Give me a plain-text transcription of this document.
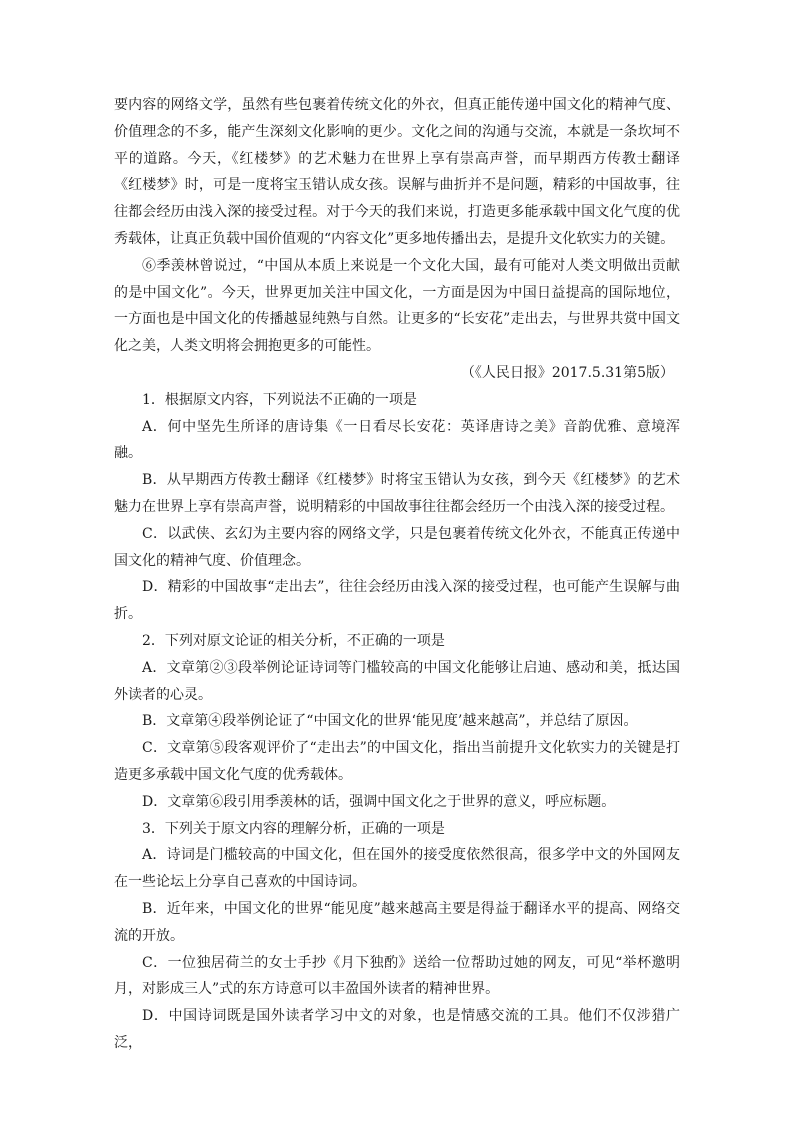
要内容的网络文学，虽然有些包裹着传统文化的外衣，但真正能传递中国文化的精神气度、价值理念的不多，能产生深刻文化影响的更少。文化之间的沟通与交流，本就是一条坎坷不平的道路。今天，《红楼梦》的艺术魅力在世界上享有崇高声誉，而早期西方传教士翻译《红楼梦》时，可是一度将宝玉错认成女孩。误解与曲折并不是问题，精彩的中国故事，往往都会经历由浅入深的接受过程。对于今天的我们来说，打造更多能承载中国文化气度的优秀载体，让真正负载中国价值观的“内容文化”更多地传播出去，是提升文化软实力的关键。

⑥季羡林曾说过，“中国从本质上来说是一个文化大国，最有可能对人类文明做出贡献的是中国文化”。今天，世界更加关注中国文化，一方面是因为中国日益提高的国际地位，一方面也是中国文化的传播越显纯熟与自然。让更多的“长安花”走出去，与世界共赏中国文化之美，人类文明将会拥抱更多的可能性。

（《人民日报》2017.5.31第5版）

1．根据原文内容，下列说法不正确的一项是

A．何中坚先生所译的唐诗集《一日看尽长安花：英译唐诗之美》音韵优雅、意境浑融。

B．从早期西方传教士翻译《红楼梦》时将宝玉错认为女孩，到今天《红楼梦》的艺术魅力在世界上享有崇高声誉，说明精彩的中国故事往往都会经历一个由浅入深的接受过程。

C．以武侠、玄幻为主要内容的网络文学，只是包裹着传统文化外衣，不能真正传递中国文化的精神气度、价值理念。

D．精彩的中国故事“走出去”，往往会经历由浅入深的接受过程，也可能产生误解与曲折。

2．下列对原文论证的相关分析，不正确的一项是

A．文章第②③段举例论证诗词等门槛较高的中国文化能够让启迪、感动和美，抵达国外读者的心灵。

B．文章第④段举例论证了“中国文化的世界‘能见度’越来越高”，并总结了原因。

C．文章第⑤段客观评价了“走出去”的中国文化，指出当前提升文化软实力的关键是打造更多承载中国文化气度的优秀载体。

D．文章第⑥段引用季羡林的话，强调中国文化之于世界的意义，呼应标题。

3．下列关于原文内容的理解分析，正确的一项是

A．诗词是门槛较高的中国文化，但在国外的接受度依然很高，很多学中文的外国网友在一些论坛上分享自己喜欢的中国诗词。

B．近年来，中国文化的世界“能见度”越来越高主要是得益于翻译水平的提高、网络交流的开放。

C．一位独居荷兰的女士手抄《月下独酌》送给一位帮助过她的网友，可见“举杯邀明月，对影成三人”式的东方诗意可以丰盈国外读者的精神世界。

D．中国诗词既是国外读者学习中文的对象，也是情感交流的工具。他们不仅涉猎广泛，
